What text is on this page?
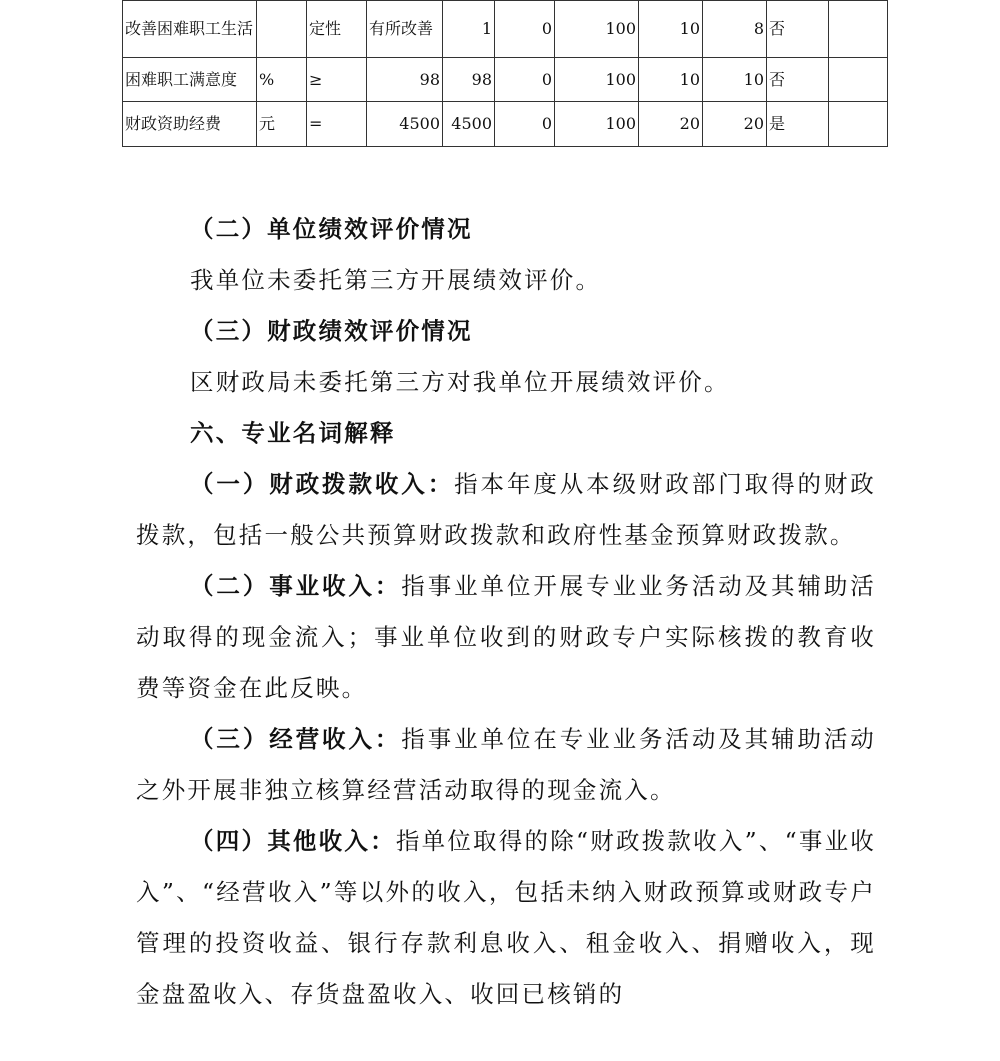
改善困难职工生活		定性	有所改善	1	0	100	10	8	否	
困难职工满意度	%	≥	98	98	0	100	10	10	否	
财政资助经费	元	=	4500	4500	0	100	20	20	是	

（二）单位绩效评价情况

我单位未委托第三方开展绩效评价。

（三）财政绩效评价情况

区财政局未委托第三方对我单位开展绩效评价。

六、专业名词解释

（一）财政拨款收入：指本年度从本级财政部门取得的财政拨款，包括一般公共预算财政拨款和政府性基金预算财政拨款。

（二）事业收入：指事业单位开展专业业务活动及其辅助活动取得的现金流入；事业单位收到的财政专户实际核拨的教育收费等资金在此反映。

（三）经营收入：指事业单位在专业业务活动及其辅助活动之外开展非独立核算经营活动取得的现金流入。

（四）其他收入：指单位取得的除“财政拨款收入”、“事业收入”、“经营收入”等以外的收入，包括未纳入财政预算或财政专户管理的投资收益、银行存款利息收入、租金收入、捐赠收入，现金盘盈收入、存货盘盈收入、收回已核销的
